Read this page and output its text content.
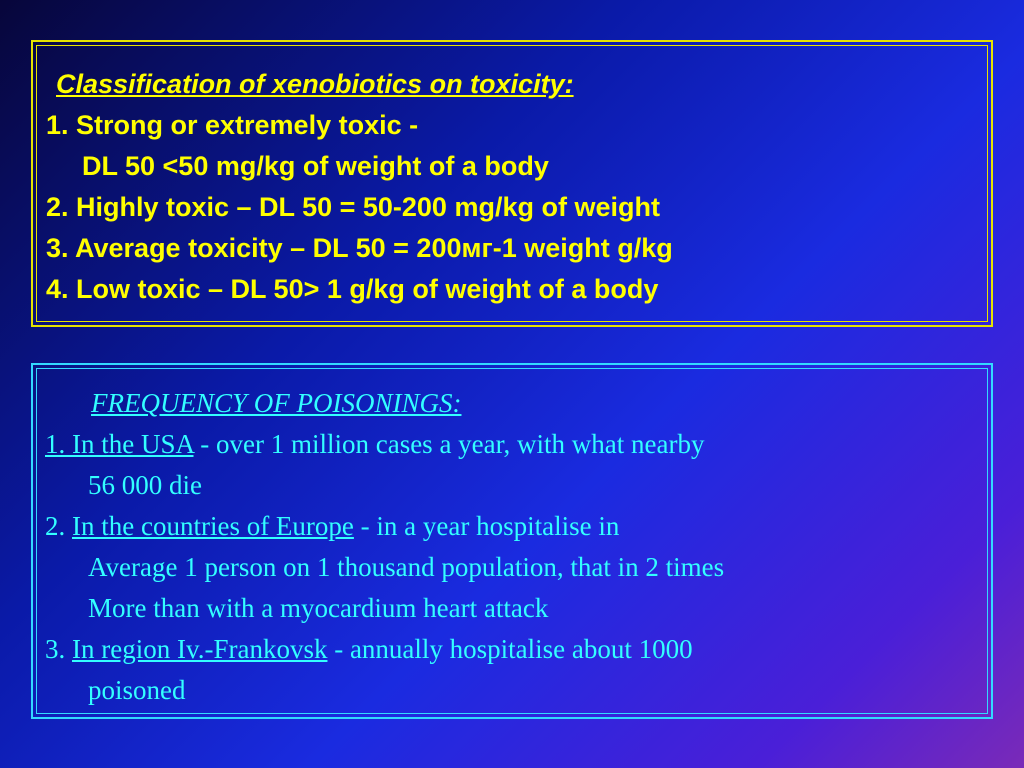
Classification of xenobiotics on toxicity:
1. Strong or extremely toxic -
DL 50 <50 mg/kg of weight of a body
2. Highly toxic – DL 50 = 50-200 mg/kg of weight
3. Average toxicity – DL 50 = 200мг-1 weight g/kg
4. Low toxic – DL 50> 1 g/kg of weight of a body
FREQUENCY OF POISONINGS:
1. In the USA - over 1 million cases a year, with what nearby
56 000 die
2. In the countries of Europe - in a year hospitalise in
Average 1 person on 1 thousand population, that in 2 times
More than with a myocardium heart attack
3. In region Iv.-Frankovsk - annually hospitalise about 1000
poisoned
